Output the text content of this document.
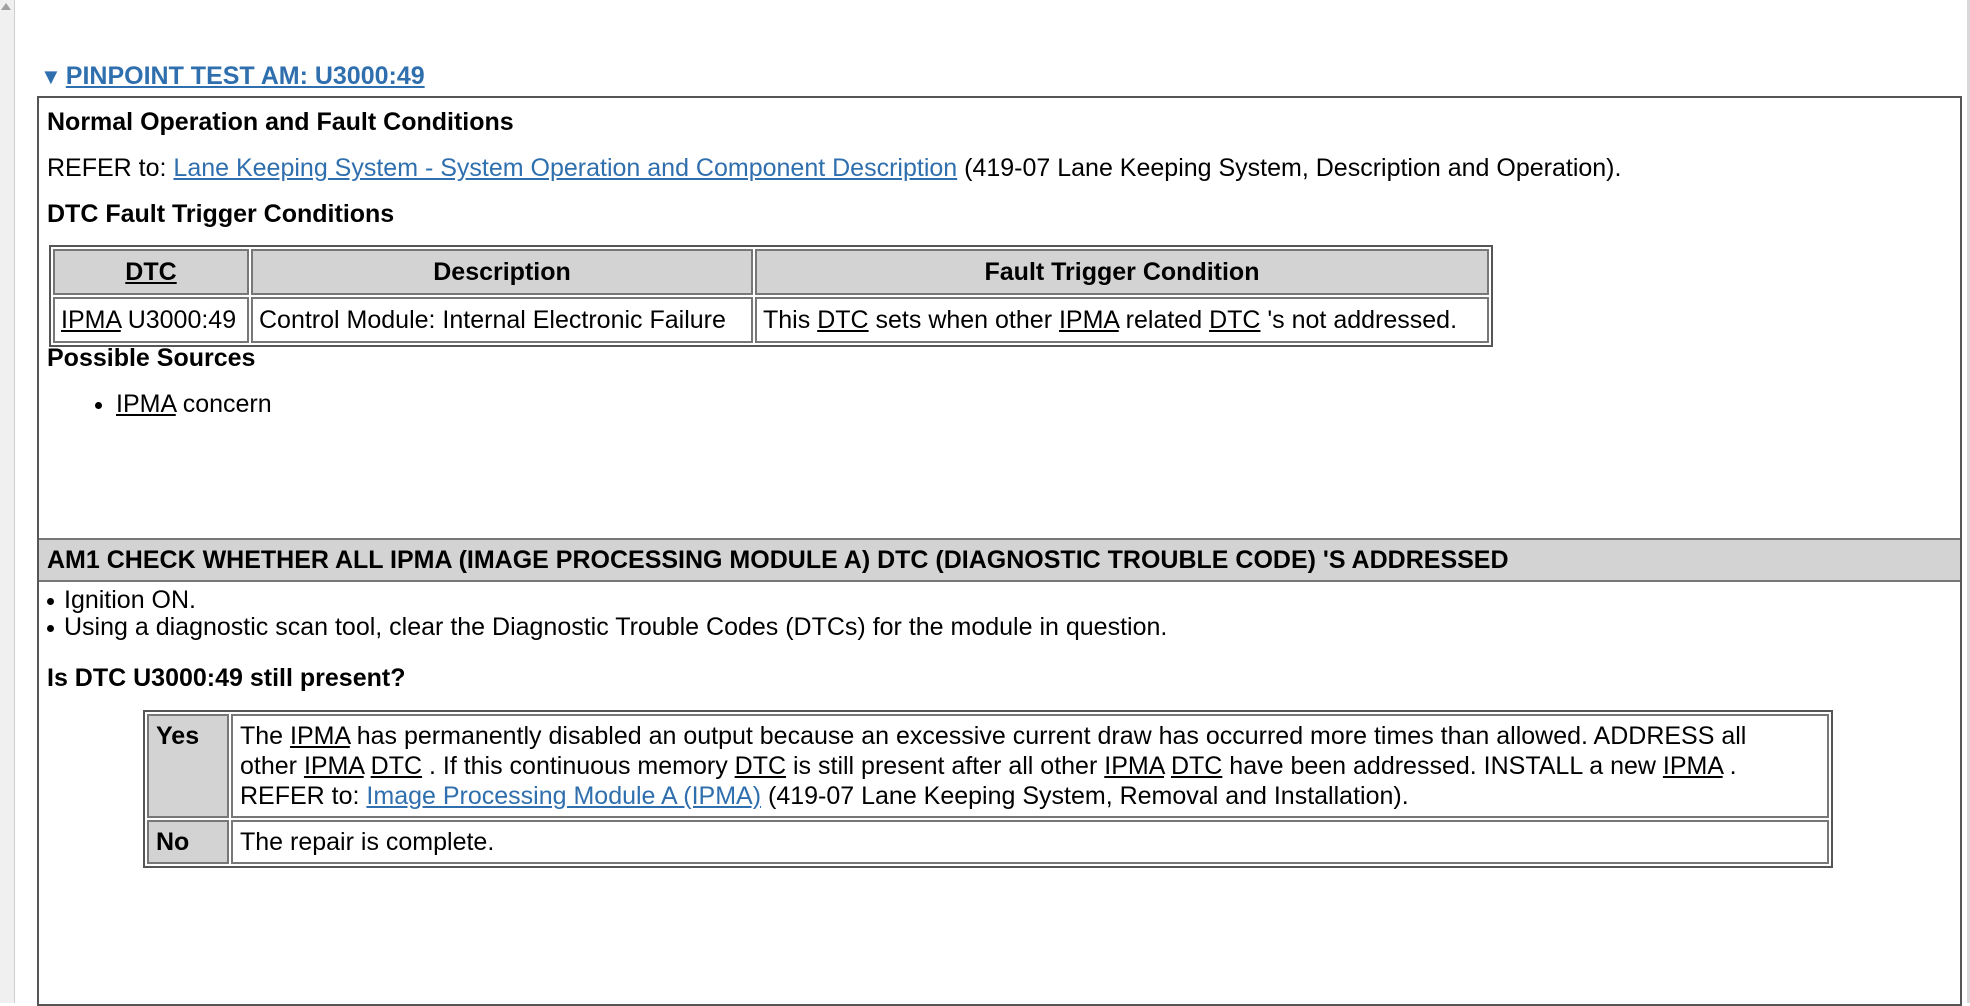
▼ PINPOINT TEST AM: U3000:49
Normal Operation and Fault Conditions
REFER to: Lane Keeping System - System Operation and Component Description (419-07 Lane Keeping System, Description and Operation).
DTC Fault Trigger Conditions
DTC	Description	Fault Trigger Condition
IPMA U3000:49	Control Module: Internal Electronic Failure	This DTC sets when other IPMA related DTC 's not addressed.
Possible Sources
IPMA concern
AM1 CHECK WHETHER ALL IPMA (IMAGE PROCESSING MODULE A) DTC (DIAGNOSTIC TROUBLE CODE) 'S ADDRESSED
Ignition ON.
Using a diagnostic scan tool, clear the Diagnostic Trouble Codes (DTCs) for the module in question.
Is DTC U3000:49 still present?
Yes	The IPMA has permanently disabled an output because an excessive current draw has occurred more times than allowed. ADDRESS all
other IPMA DTC . If this continuous memory DTC is still present after all other IPMA DTC have been addressed. INSTALL a new IPMA .
REFER to: Image Processing Module A (IPMA) (419-07 Lane Keeping System, Removal and Installation).

No	The repair is complete.
